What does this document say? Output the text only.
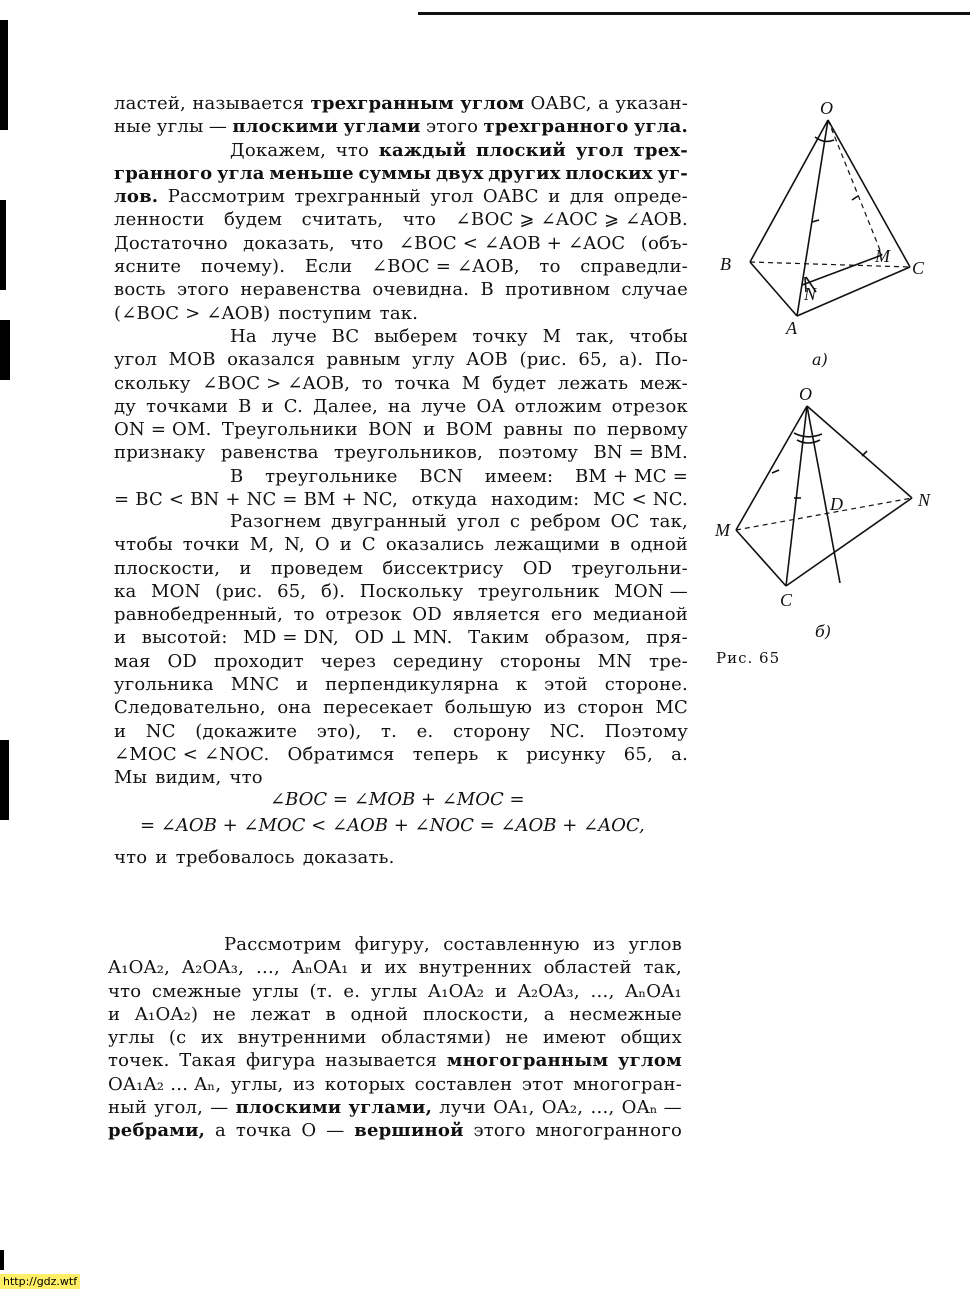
ластей, называется трехгранным углом OABC, а указан-
ные углы — плоскими углами этого трехгранного угла.
Докажем, что каждый плоский угол трех-
гранного угла меньше суммы двух других плоских уг-
лов. Рассмотрим трехгранный угол OABC и для опреде-
ленности будем считать, что ∠BOC ⩾ ∠AOC ⩾ ∠AOB.
Достаточно доказать, что ∠BOC < ∠AOB + ∠AOC (объ-
ясните почему). Если ∠BOC = ∠AOB, то справедли-
вость этого неравенства очевидна. В противном случае
(∠BOC > ∠AOB) поступим так.
На луче BC выберем точку M так, чтобы
угол MOB оказался равным углу AOB (рис. 65, а). По-
скольку ∠BOC > ∠AOB, то точка M будет лежать меж-
ду точками B и C. Далее, на луче OA отложим отрезок
ON = OM. Треугольники BON и BOM равны по первому
признаку равенства треугольников, поэтому BN = BM.
В треугольнике BCN имеем: BM + MC =
= BC < BN + NC = BM + NC, откуда находим: MC < NC.
Разогнем двугранный угол с ребром OC так,
чтобы точки M, N, O и C оказались лежащими в одной
плоскости, и проведем биссектрису OD треугольни-
ка MON (рис. 65, б). Поскольку треугольник MON —
равнобедренный, то отрезок OD является его медианой
и высотой: MD = DN, OD ⊥ MN. Таким образом, пря-
мая OD проходит через середину стороны MN тре-
угольника MNC и перпендикулярна к этой стороне.
Следовательно, она пересекает большую из сторон MC
и NC (докажите это), т. е. сторону NC. Поэтому
∠MOC < ∠NOC. Обратимся теперь к рисунку 65, а.
Мы видим, что
∠BOC = ∠MOB + ∠MOC =
= ∠AOB + ∠MOC < ∠AOB + ∠NOC = ∠AOB + ∠AOC,
что и требовалось доказать.
Рассмотрим фигуру, составленную из углов
A₁OA₂, A₂OA₃, …, AₙOA₁ и их внутренних областей так,
что смежные углы (т. е. углы A₁OA₂ и A₂OA₃, …, AₙOA₁
и A₁OA₂) не лежат в одной плоскости, а несмежные
углы (с их внутренними областями) не имеют общих
точек. Такая фигура называется многогранным углом
OA₁A₂ … Aₙ, углы, из которых составлен этот многогран-
ный угол, — плоскими углами, лучи OA₁, OA₂, …, OAₙ —
ребрами, а точка O — вершиной этого многогранного
O
B	M
C
N
A
а)
O
D	N
M
C
б)
Рис. 65
http://gdz.wtf
